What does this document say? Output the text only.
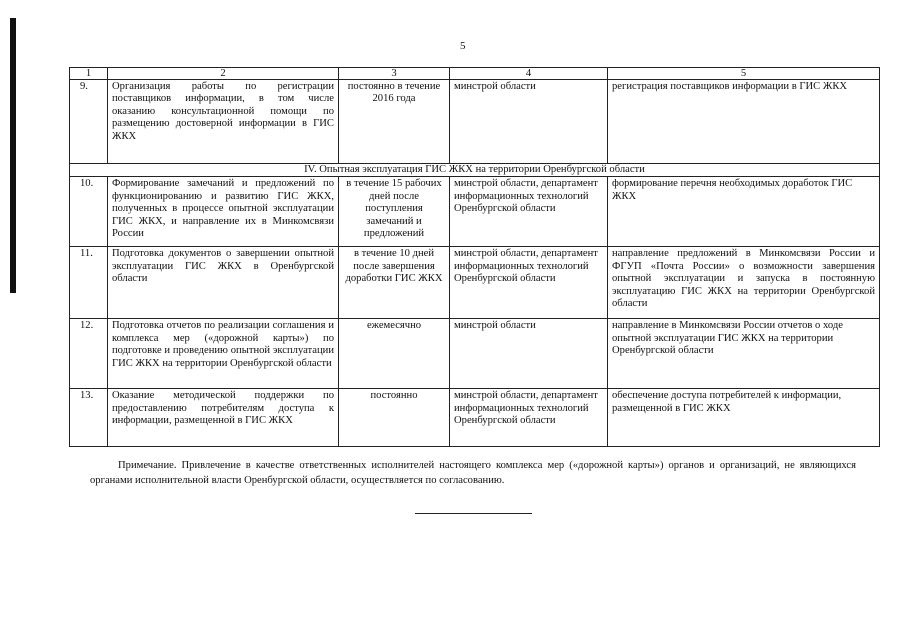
5
1	2	3	4	5
9.	Организация работы по регистрации поставщиков информации, в том числе оказанию консультационной помощи по размещению достоверной информации в ГИС ЖКХ	постоянно в течение 2016 года	минстрой области	регистрация поставщиков информации в ГИС ЖКХ
IV. Опытная эксплуатация ГИС ЖКХ на территории Оренбургской области				
10.	Формирование замечаний и предложений по функционированию и развитию ГИС ЖКХ, полученных в процессе опытной эксплуатации ГИС ЖКХ, и направление их в Минкомсвязи России	в течение 15 рабочих дней после поступления замечаний и предложений	минстрой области, департамент информационных технологий Оренбургской области	формирование перечня необходимых доработок ГИС ЖКХ
11.	Подготовка документов о завершении опытной эксплуатации ГИС ЖКХ в Оренбургской области	в течение 10 дней после завершения доработки ГИС ЖКХ	минстрой области, департамент информационных технологий Оренбургской области	направление предложений в Минкомсвязи России и ФГУП «Почта России» о возможности завершения опытной эксплуатации и запуска в постоянную эксплуатацию ГИС ЖКХ на территории Оренбургской области
12.	Подготовка отчетов по реализации соглашения и комплекса мер («дорожной карты») по подготовке и проведению опытной эксплуатации ГИС ЖКХ на территории Оренбургской области	ежемесячно	минстрой области	направление в Минкомсвязи России отчетов о ходе опытной эксплуатации ГИС ЖКХ на территории Оренбургской области
13.	Оказание методической поддержки по предоставлению потребителям доступа к информации, размещенной в ГИС ЖКХ	постоянно	минстрой области, департамент информационных технологий Оренбургской области	обеспечение доступа потребителей к информации, размещенной в ГИС ЖКХ
Примечание. Привлечение в качестве ответственных исполнителей настоящего комплекса мер («дорожной карты») органов и организаций, не являющихся органами исполнительной власти Оренбургской области, осуществляется по согласованию.
